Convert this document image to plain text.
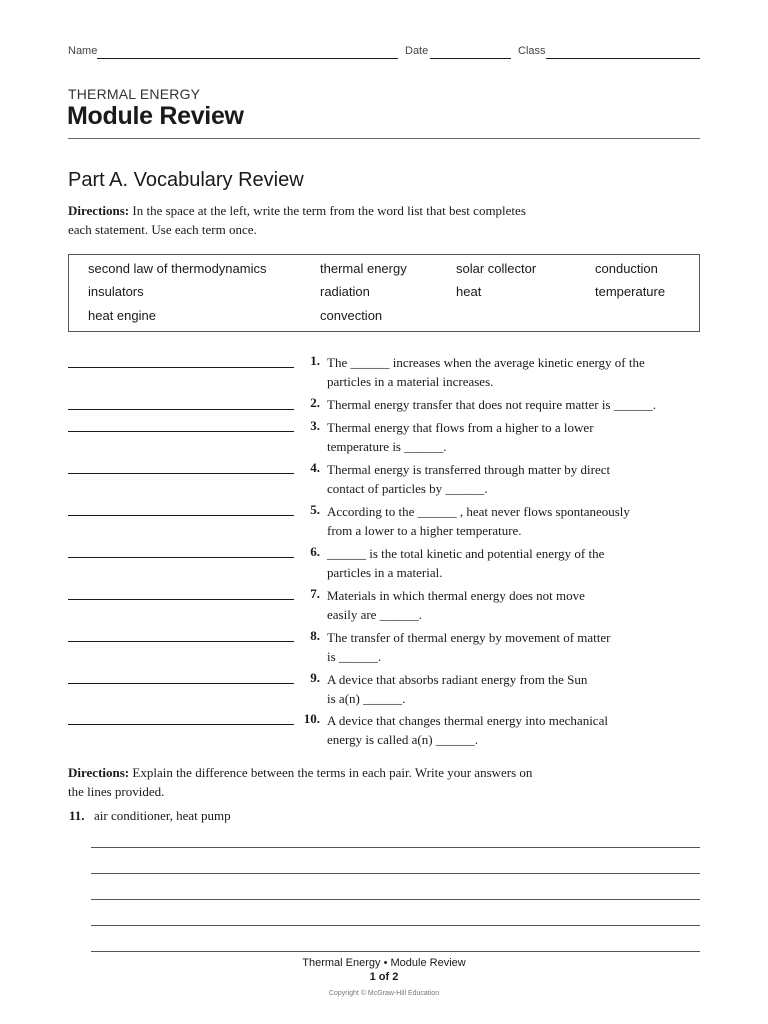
Name	Date	Class
THERMAL ENERGY
Module Review
Part A. Vocabulary Review
Directions: In the space at the left, write the term from the word list that best completes
each statement. Use each term once.
second law of thermodynamics	thermal energy	solar collector	conduction
insulators	radiation	heat	temperature
heat engine	convection
1. The ______ increases when the average kinetic energy of the
particles in a material increases.
2. Thermal energy transfer that does not require matter is ______.
3. Thermal energy that flows from a higher to a lower
temperature is ______.
4. Thermal energy is transferred through matter by direct
contact of particles by ______.
5. According to the ______ , heat never flows spontaneously
from a lower to a higher temperature.
6. ______ is the total kinetic and potential energy of the
particles in a material.
7. Materials in which thermal energy does not move
easily are ______.
8. The transfer of thermal energy by movement of matter
is ______.
9. A device that absorbs radiant energy from the Sun
is a(n) ______.
10. A device that changes thermal energy into mechanical
energy is called a(n) ______.
Directions: Explain the difference between the terms in each pair. Write your answers on
the lines provided.
11. air conditioner, heat pump
Thermal Energy • Module Review
1 of 2
Copyright © McGraw-Hill Education
